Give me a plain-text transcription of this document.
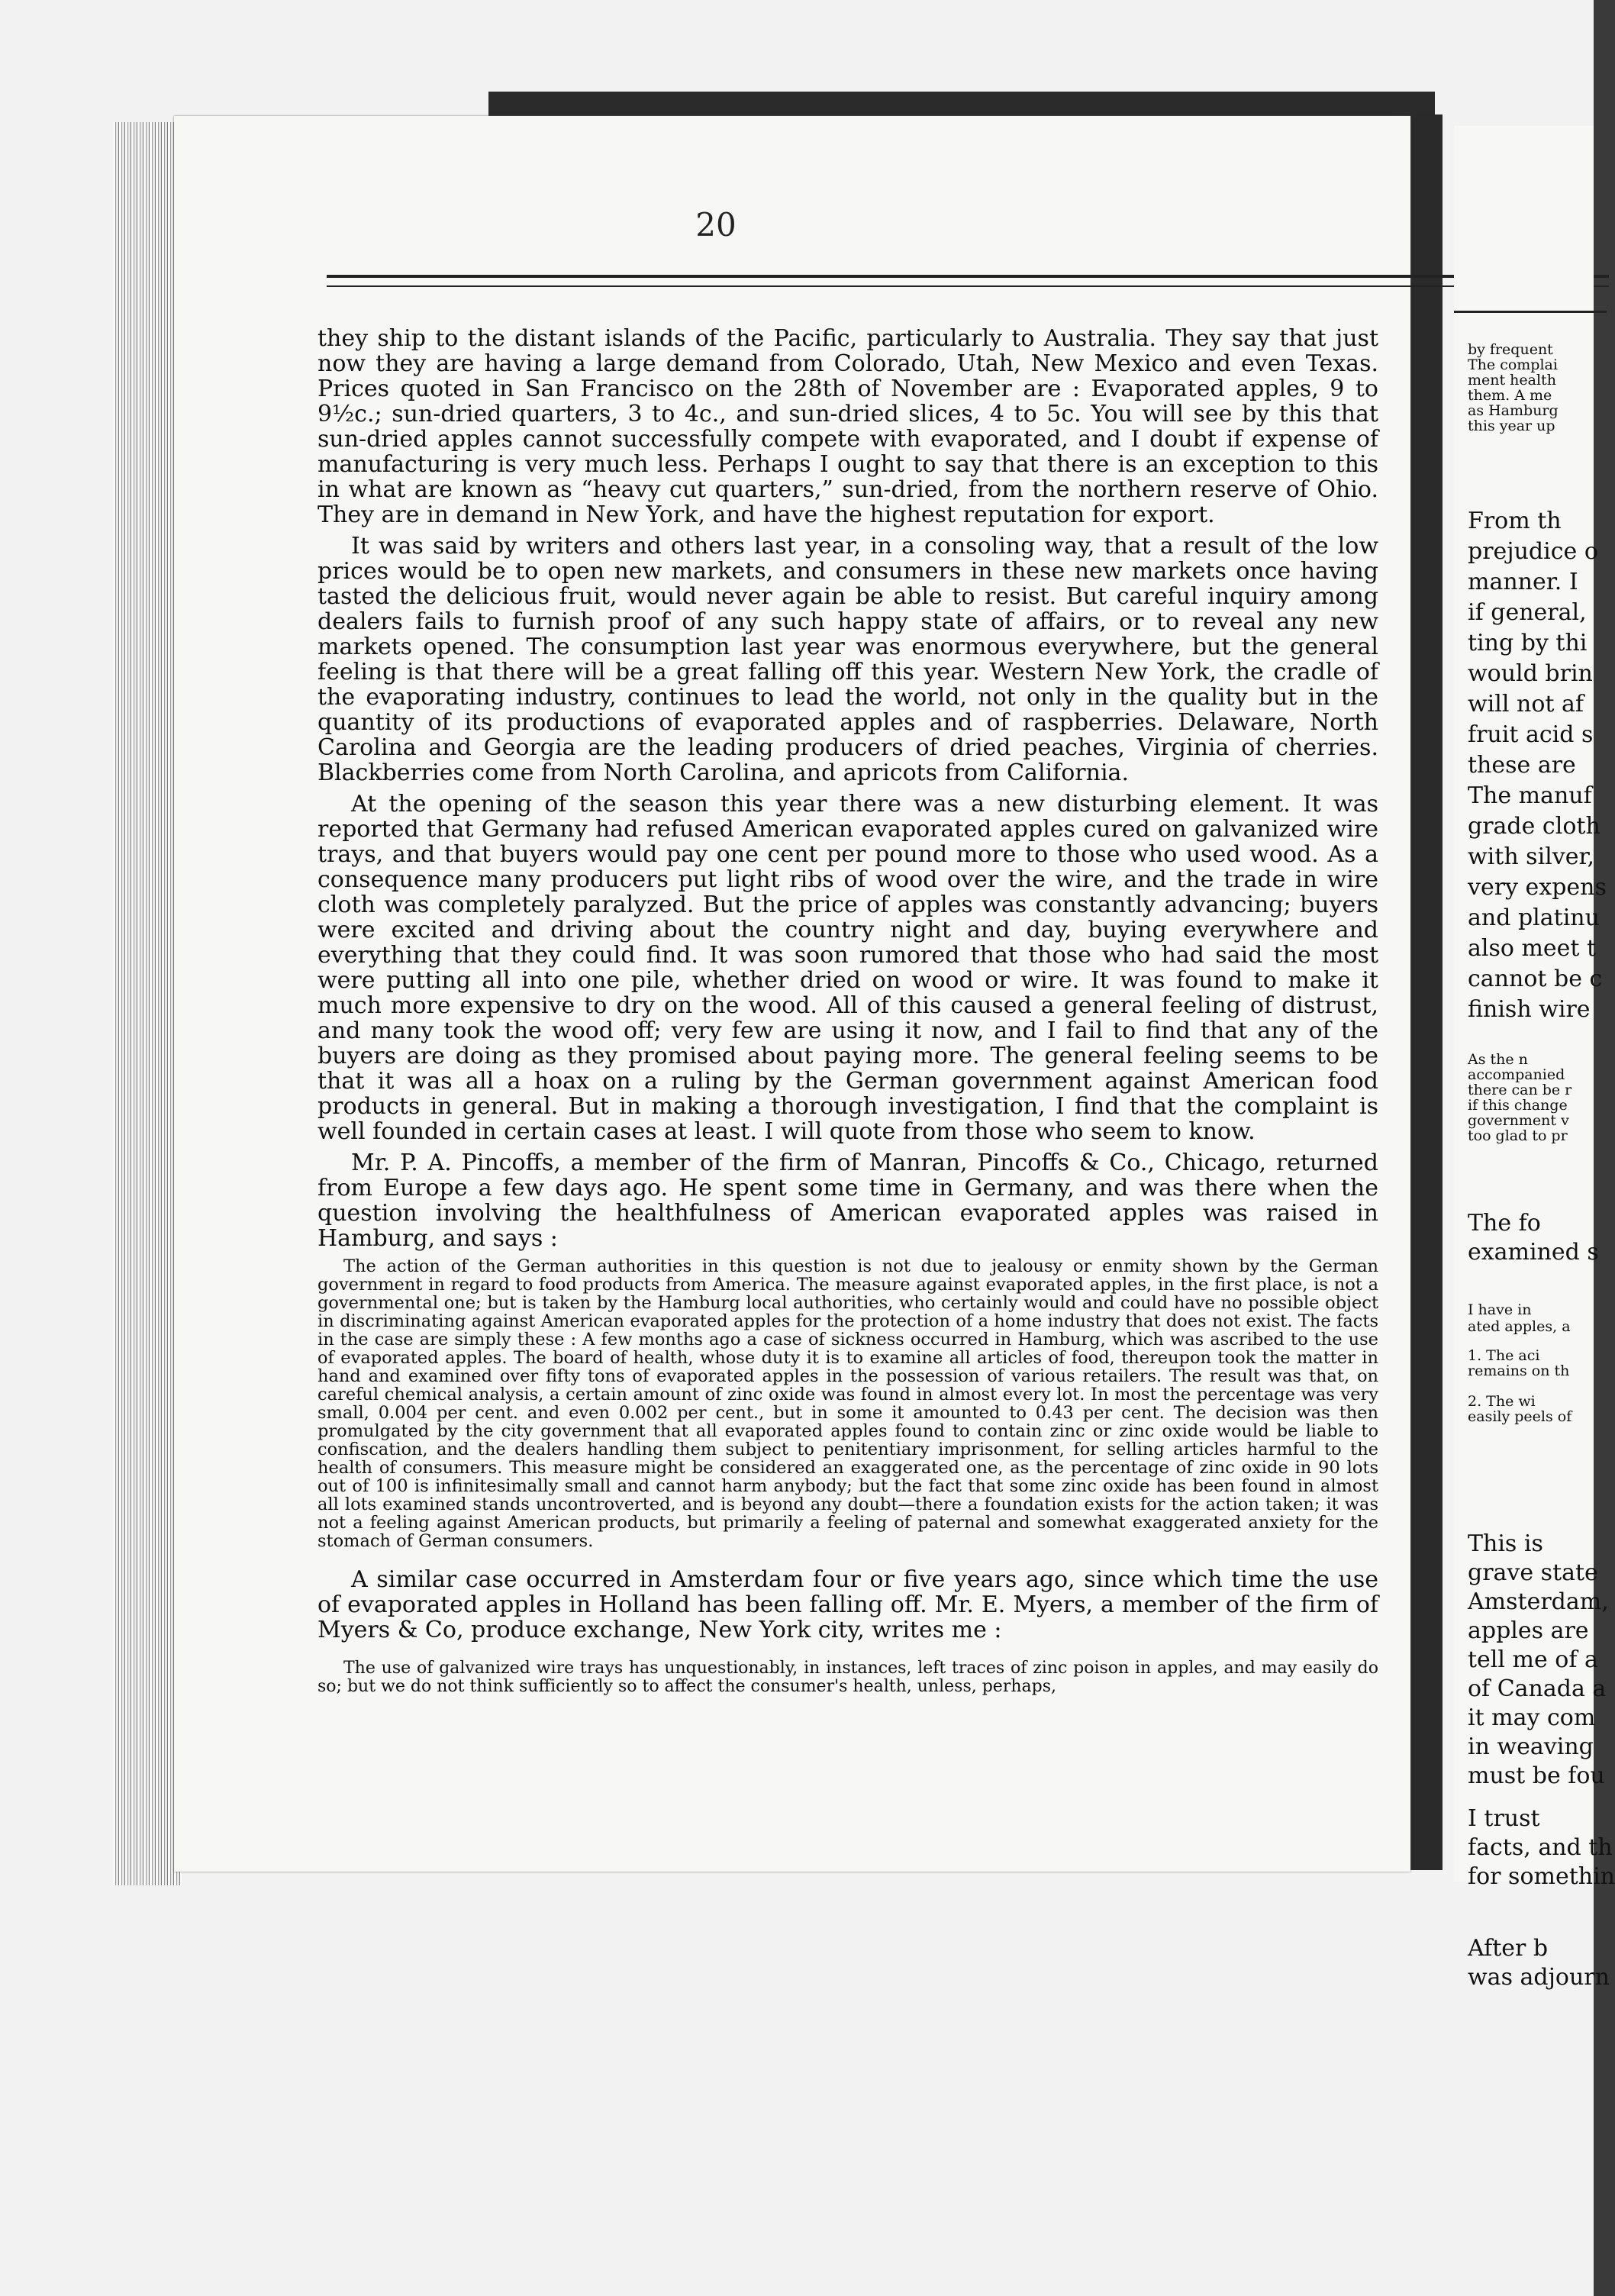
20

they ship to the distant islands of the Pacific, particularly to Australia. They say that just now they are having a large demand from Colorado, Utah, New Mexico and even Texas. Prices quoted in San Francisco on the 28th of November are : Evaporated apples, 9 to 9½c.; sun-dried quarters, 3 to 4c., and sun-dried slices, 4 to 5c. You will see by this that sun-dried apples cannot successfully compete with evaporated, and I doubt if expense of manufacturing is very much less. Perhaps I ought to say that there is an exception to this in what are known as “heavy cut quarters,” sun-dried, from the northern reserve of Ohio. They are in demand in New York, and have the highest reputation for export.

It was said by writers and others last year, in a consoling way, that a result of the low prices would be to open new markets, and consumers in these new markets once having tasted the delicious fruit, would never again be able to resist. But careful inquiry among dealers fails to furnish proof of any such happy state of affairs, or to reveal any new markets opened. The consumption last year was enormous everywhere, but the general feeling is that there will be a great falling off this year. Western New York, the cradle of the evaporating industry, continues to lead the world, not only in the quality but in the quantity of its productions of evaporated apples and of raspberries. Delaware, North Carolina and Georgia are the leading producers of dried peaches, Virginia of cherries. Blackberries come from North Carolina, and apricots from California.

At the opening of the season this year there was a new disturbing element. It was reported that Germany had refused American evaporated apples cured on galvanized wire trays, and that buyers would pay one cent per pound more to those who used wood. As a consequence many producers put light ribs of wood over the wire, and the trade in wire cloth was completely paralyzed. But the price of apples was constantly advancing; buyers were excited and driving about the country night and day, buying everywhere and everything that they could find. It was soon rumored that those who had said the most were putting all into one pile, whether dried on wood or wire. It was found to make it much more expensive to dry on the wood. All of this caused a general feeling of distrust, and many took the wood off; very few are using it now, and I fail to find that any of the buyers are doing as they promised about paying more. The general feeling seems to be that it was all a hoax on a ruling by the German government against American food products in general. But in making a thorough investigation, I find that the complaint is well founded in certain cases at least. I will quote from those who seem to know.

Mr. P. A. Pincoffs, a member of the firm of Manran, Pincoffs & Co., Chicago, returned from Europe a few days ago. He spent some time in Germany, and was there when the question involving the healthfulness of American evaporated apples was raised in Hamburg, and says :

The action of the German authorities in this question is not due to jealousy or enmity shown by the German government in regard to food products from America. The measure against evaporated apples, in the first place, is not a governmental one; but is taken by the Hamburg local authorities, who certainly would and could have no possible object in discriminating against American evaporated apples for the protection of a home industry that does not exist. The facts in the case are simply these : A few months ago a case of sickness occurred in Hamburg, which was ascribed to the use of evaporated apples. The board of health, whose duty it is to examine all articles of food, thereupon took the matter in hand and examined over fifty tons of evaporated apples in the possession of various retailers. The result was that, on careful chemical analysis, a certain amount of zinc oxide was found in almost every lot. In most the percentage was very small, 0.004 per cent. and even 0.002 per cent., but in some it amounted to 0.43 per cent. The decision was then promulgated by the city government that all evaporated apples found to contain zinc or zinc oxide would be liable to confiscation, and the dealers handling them subject to penitentiary imprisonment, for selling articles harmful to the health of consumers. This measure might be considered an exaggerated one, as the percentage of zinc oxide in 90 lots out of 100 is infinitesimally small and cannot harm anybody; but the fact that some zinc oxide has been found in almost all lots examined stands uncontroverted, and is beyond any doubt—there a foundation exists for the action taken; it was not a feeling against American products, but primarily a feeling of paternal and somewhat exaggerated anxiety for the stomach of German consumers.

A similar case occurred in Amsterdam four or five years ago, since which time the use of evaporated apples in Holland has been falling off. Mr. E. Myers, a member of the firm of Myers & Co, produce exchange, New York city, writes me :

The use of galvanized wire trays has unquestionably, in instances, left traces of zinc poison in apples, and may easily do so; but we do not think sufficiently so to affect the consumer's health, unless, perhaps,

by frequent
The complai
ment health
them. A me
as Hamburg
this year up
From th
prejudice o
manner. I
if general,
ting by thi
would brin
will not af
fruit acid s
these are
The manuf
grade cloth
with silver,
very expens
and platinu
also meet t
cannot be c
finish wire
As the n
accompanied
there can be r
if this change
government v
too glad to pr
The fo
examined s
I have in
ated apples, a
1. The aci
remains on th
2. The wi
easily peels of
This is
grave state
Amsterdam,
apples are
tell me of a
of Canada a
it may com
in weaving
must be fou
I trust
facts, and th
for somethin
After b
was adjourn
